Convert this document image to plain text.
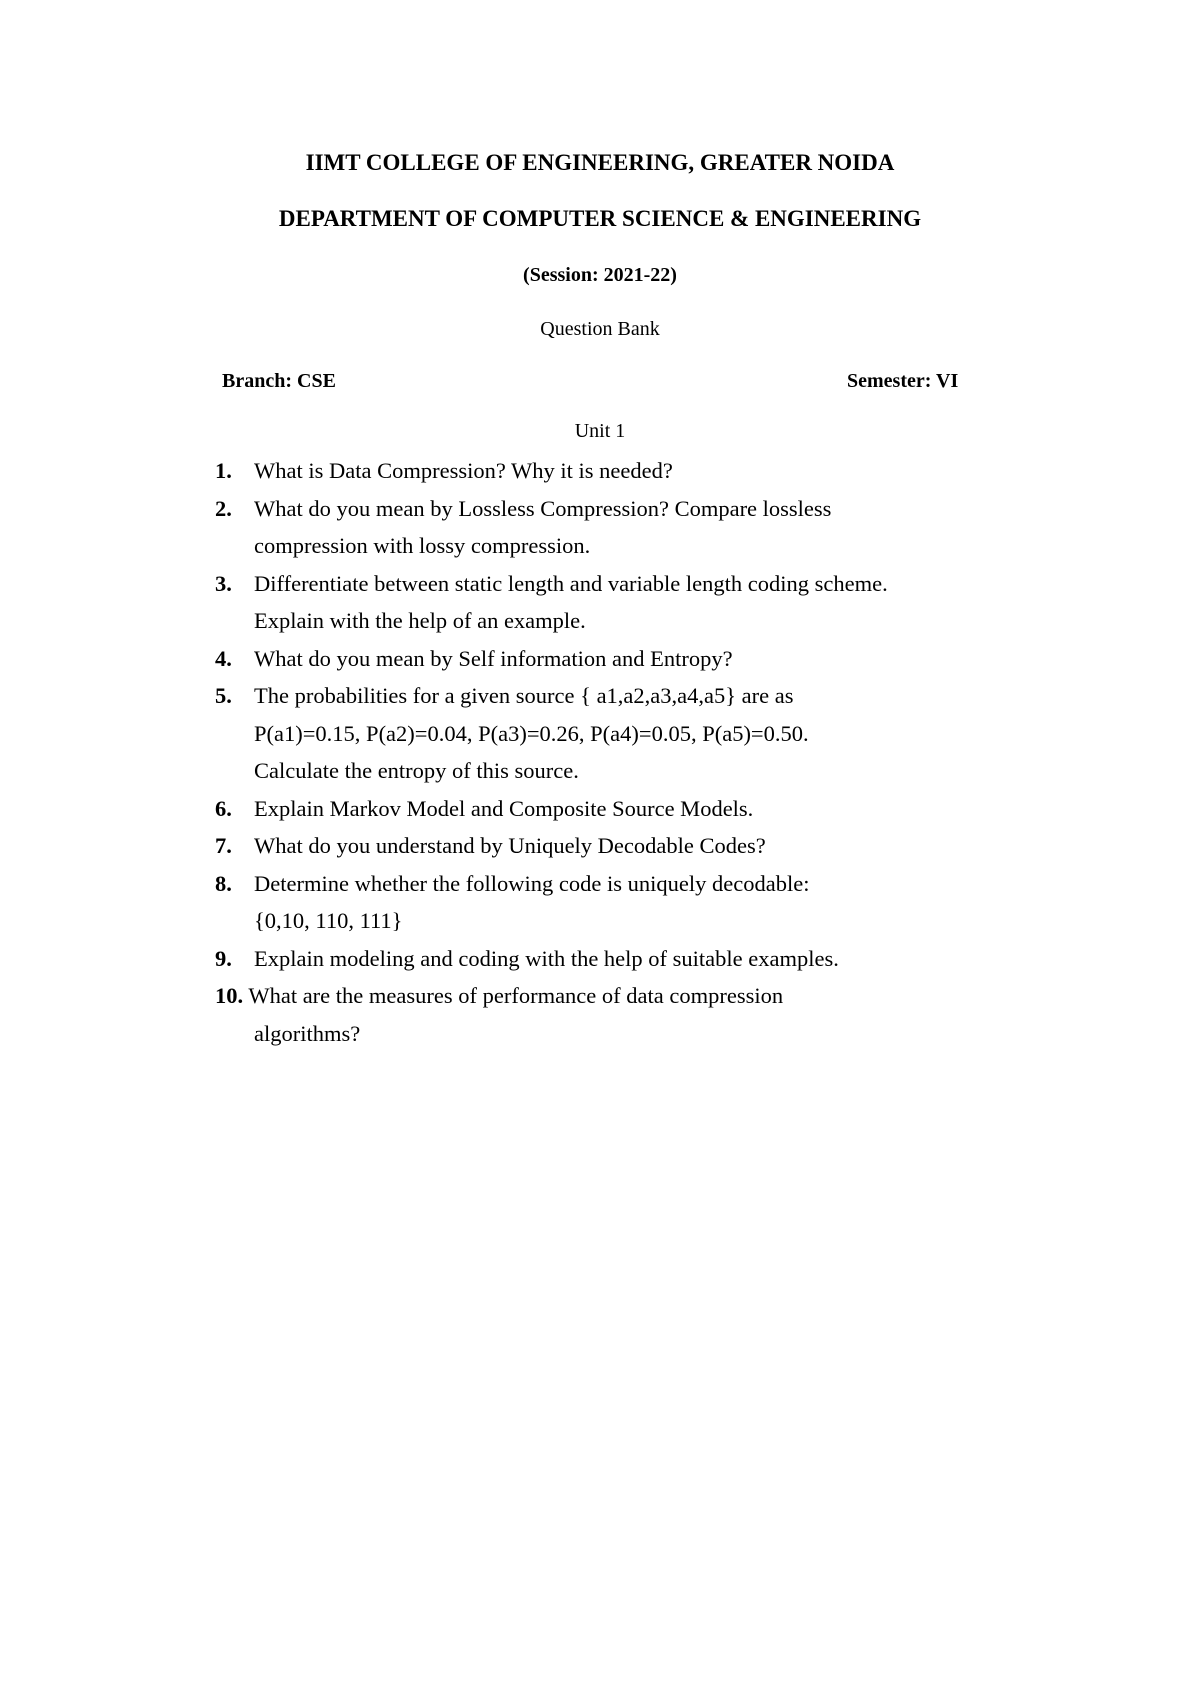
IIMT COLLEGE OF ENGINEERING, GREATER NOIDA
DEPARTMENT OF COMPUTER SCIENCE & ENGINEERING
(Session: 2021-22)
Question Bank
Branch: CSE	Semester: VI
Unit 1
1. What is Data Compression? Why it is needed?
2. What do you mean by Lossless Compression? Compare lossless
compression with lossy compression.
3. Differentiate between static length and variable length coding scheme.
Explain with the help of an example.
4. What do you mean by Self information and Entropy?
5. The probabilities for a given source { a1,a2,a3,a4,a5} are as
P(a1)=0.15, P(a2)=0.04, P(a3)=0.26, P(a4)=0.05, P(a5)=0.50.
Calculate the entropy of this source.
6. Explain Markov Model and Composite Source Models.
7. What do you understand by Uniquely Decodable Codes?
8. Determine whether the following code is uniquely decodable:
{0,10, 110, 111}
9. Explain modeling and coding with the help of suitable examples.
10. What are the measures of performance of data compression
algorithms?
